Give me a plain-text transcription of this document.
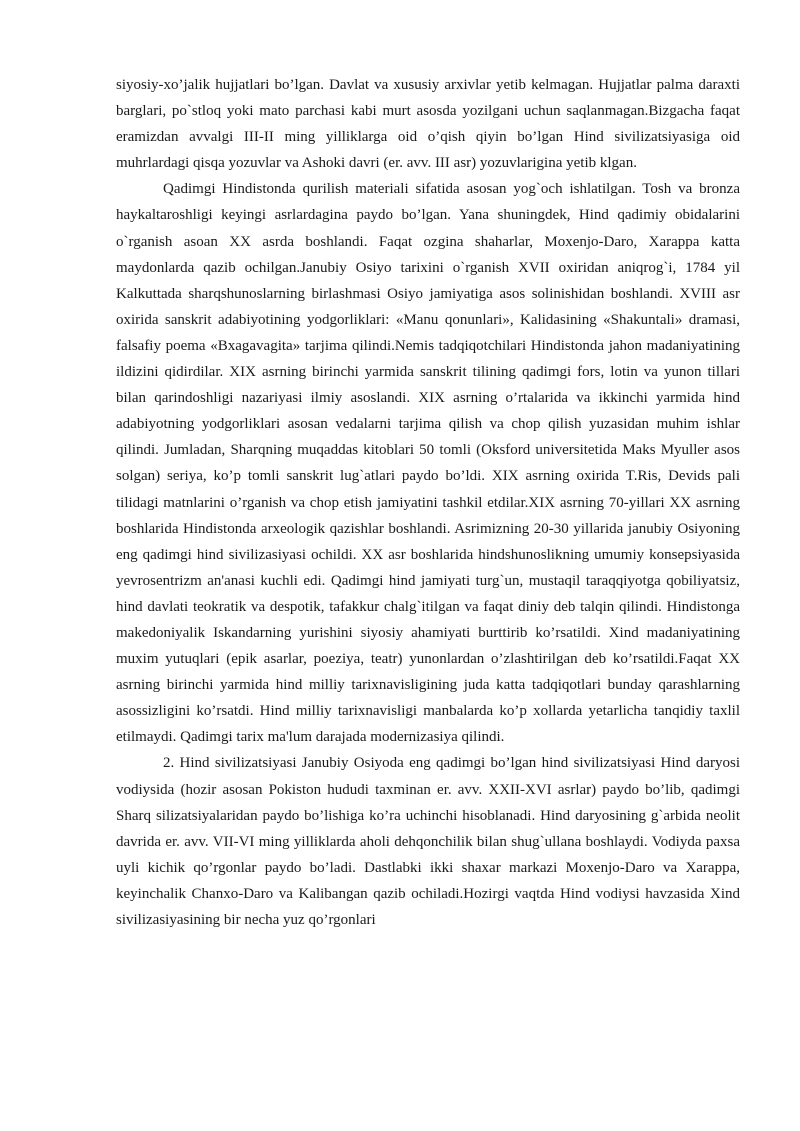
siyosiy-xo’jalik hujjatlari bo’lgan. Davlat va xususiy arxivlar yetib kelmagan. Hujjatlar palma daraxti barglari, po`stloq yoki mato parchasi kabi murt asosda yozilgani uchun saqlanmagan.Bizgacha faqat eramizdan avvalgi III-II ming yilliklarga oid o’qish qiyin bo’lgan Hind sivilizatsiyasiga oid muhrlardagi qisqa yozuvlar va Ashoki davri (er. avv. III asr) yozuvlarigina yetib klgan.

Qadimgi Hindistonda qurilish materiali sifatida asosan yog`och ishlatilgan. Tosh va bronza haykaltaroshligi keyingi asrlardagina paydo bo’lgan. Yana shuningdek, Hind qadimiy obidalarini o`rganish asoan XX asrda boshlandi. Faqat ozgina shaharlar, Moxenjo-Daro, Xarappa katta maydonlarda qazib ochilgan.Janubiy Osiyo tarixini o`rganish XVII oxiridan aniqrog`i, 1784 yil Kalkuttada sharqshunoslarning birlashmasi Osiyo jamiyatiga asos solinishidan boshlandi. XVIII asr oxirida sanskrit adabiyotining yodgorliklari: «Manu qonunlari», Kalidasining «Shakuntali» dramasi, falsafiy poema «Bxagavagita» tarjima qilindi.Nemis tadqiqotchilari Hindistonda jahon madaniyatining ildizini qidirdilar. XIX asrning birinchi yarmida sanskrit tilining qadimgi fors, lotin va yunon tillari bilan qarindoshligi nazariyasi ilmiy asoslandi. XIX asrning o’rtalarida va ikkinchi yarmida hind adabiyotning yodgorliklari asosan vedalarni tarjima qilish va chop qilish yuzasidan muhim ishlar qilindi. Jumladan, Sharqning muqaddas kitoblari 50 tomli (Oksford universitetida Maks Myuller asos solgan) seriya, ko’p tomli sanskrit lug`atlari paydo bo’ldi. XIX asrning oxirida T.Ris, Devids pali tilidagi matnlarini o’rganish va chop etish jamiyatini tashkil etdilar.XIX asrning 70-yillari XX asrning boshlarida Hindistonda arxeologik qazishlar boshlandi. Asrimizning 20-30 yillarida janubiy Osiyoning eng qadimgi hind sivilizasiyasi ochildi. XX asr boshlarida hindshunoslikning umumiy konsepsiyasida yevrosentrizm an'anasi kuchli edi. Qadimgi hind jamiyati turg`un, mustaqil taraqqiyotga qobiliyatsiz, hind davlati teokratik va despotik, tafakkur chalg`itilgan va faqat diniy deb talqin qilindi. Hindistonga makedoniyalik Iskandarning yurishini siyosiy ahamiyati burttirib ko’rsatildi. Xind madaniyatining muxim yutuqlari (epik asarlar, poeziya, teatr) yunonlardan o’zlashtirilgan deb ko’rsatildi.Faqat XX asrning birinchi yarmida hind milliy tarixnavisligining juda katta tadqiqotlari bunday qarashlarning asossizligini ko’rsatdi. Hind milliy tarixnavisligi manbalarda ko’p xollarda yetarlicha tanqidiy taxlil etilmaydi. Qadimgi tarix ma'lum darajada modernizasiya qilindi.

2. Hind sivilizatsiyasi Janubiy Osiyoda eng qadimgi bo’lgan hind sivilizatsiyasi Hind daryosi vodiysida (hozir asosan Pokiston hududi taxminan er. avv. XXII-XVI asrlar) paydo bo’lib, qadimgi Sharq silizatsiyalaridan paydo bo’lishiga ko’ra uchinchi hisoblanadi. Hind daryosining g`arbida neolit davrida er. avv. VII-VI ming yilliklarda aholi dehqonchilik bilan shug`ullana boshlaydi. Vodiyda paxsa uyli kichik qo’rgonlar paydo bo’ladi. Dastlabki ikki shaxar markazi Moxenjo-Daro va Xarappa, keyinchalik Chanxo-Daro va Kalibangan qazib ochiladi.Hozirgi vaqtda Hind vodiysi havzasida Xind sivilizasiyasining bir necha yuz qo’rgonlari
